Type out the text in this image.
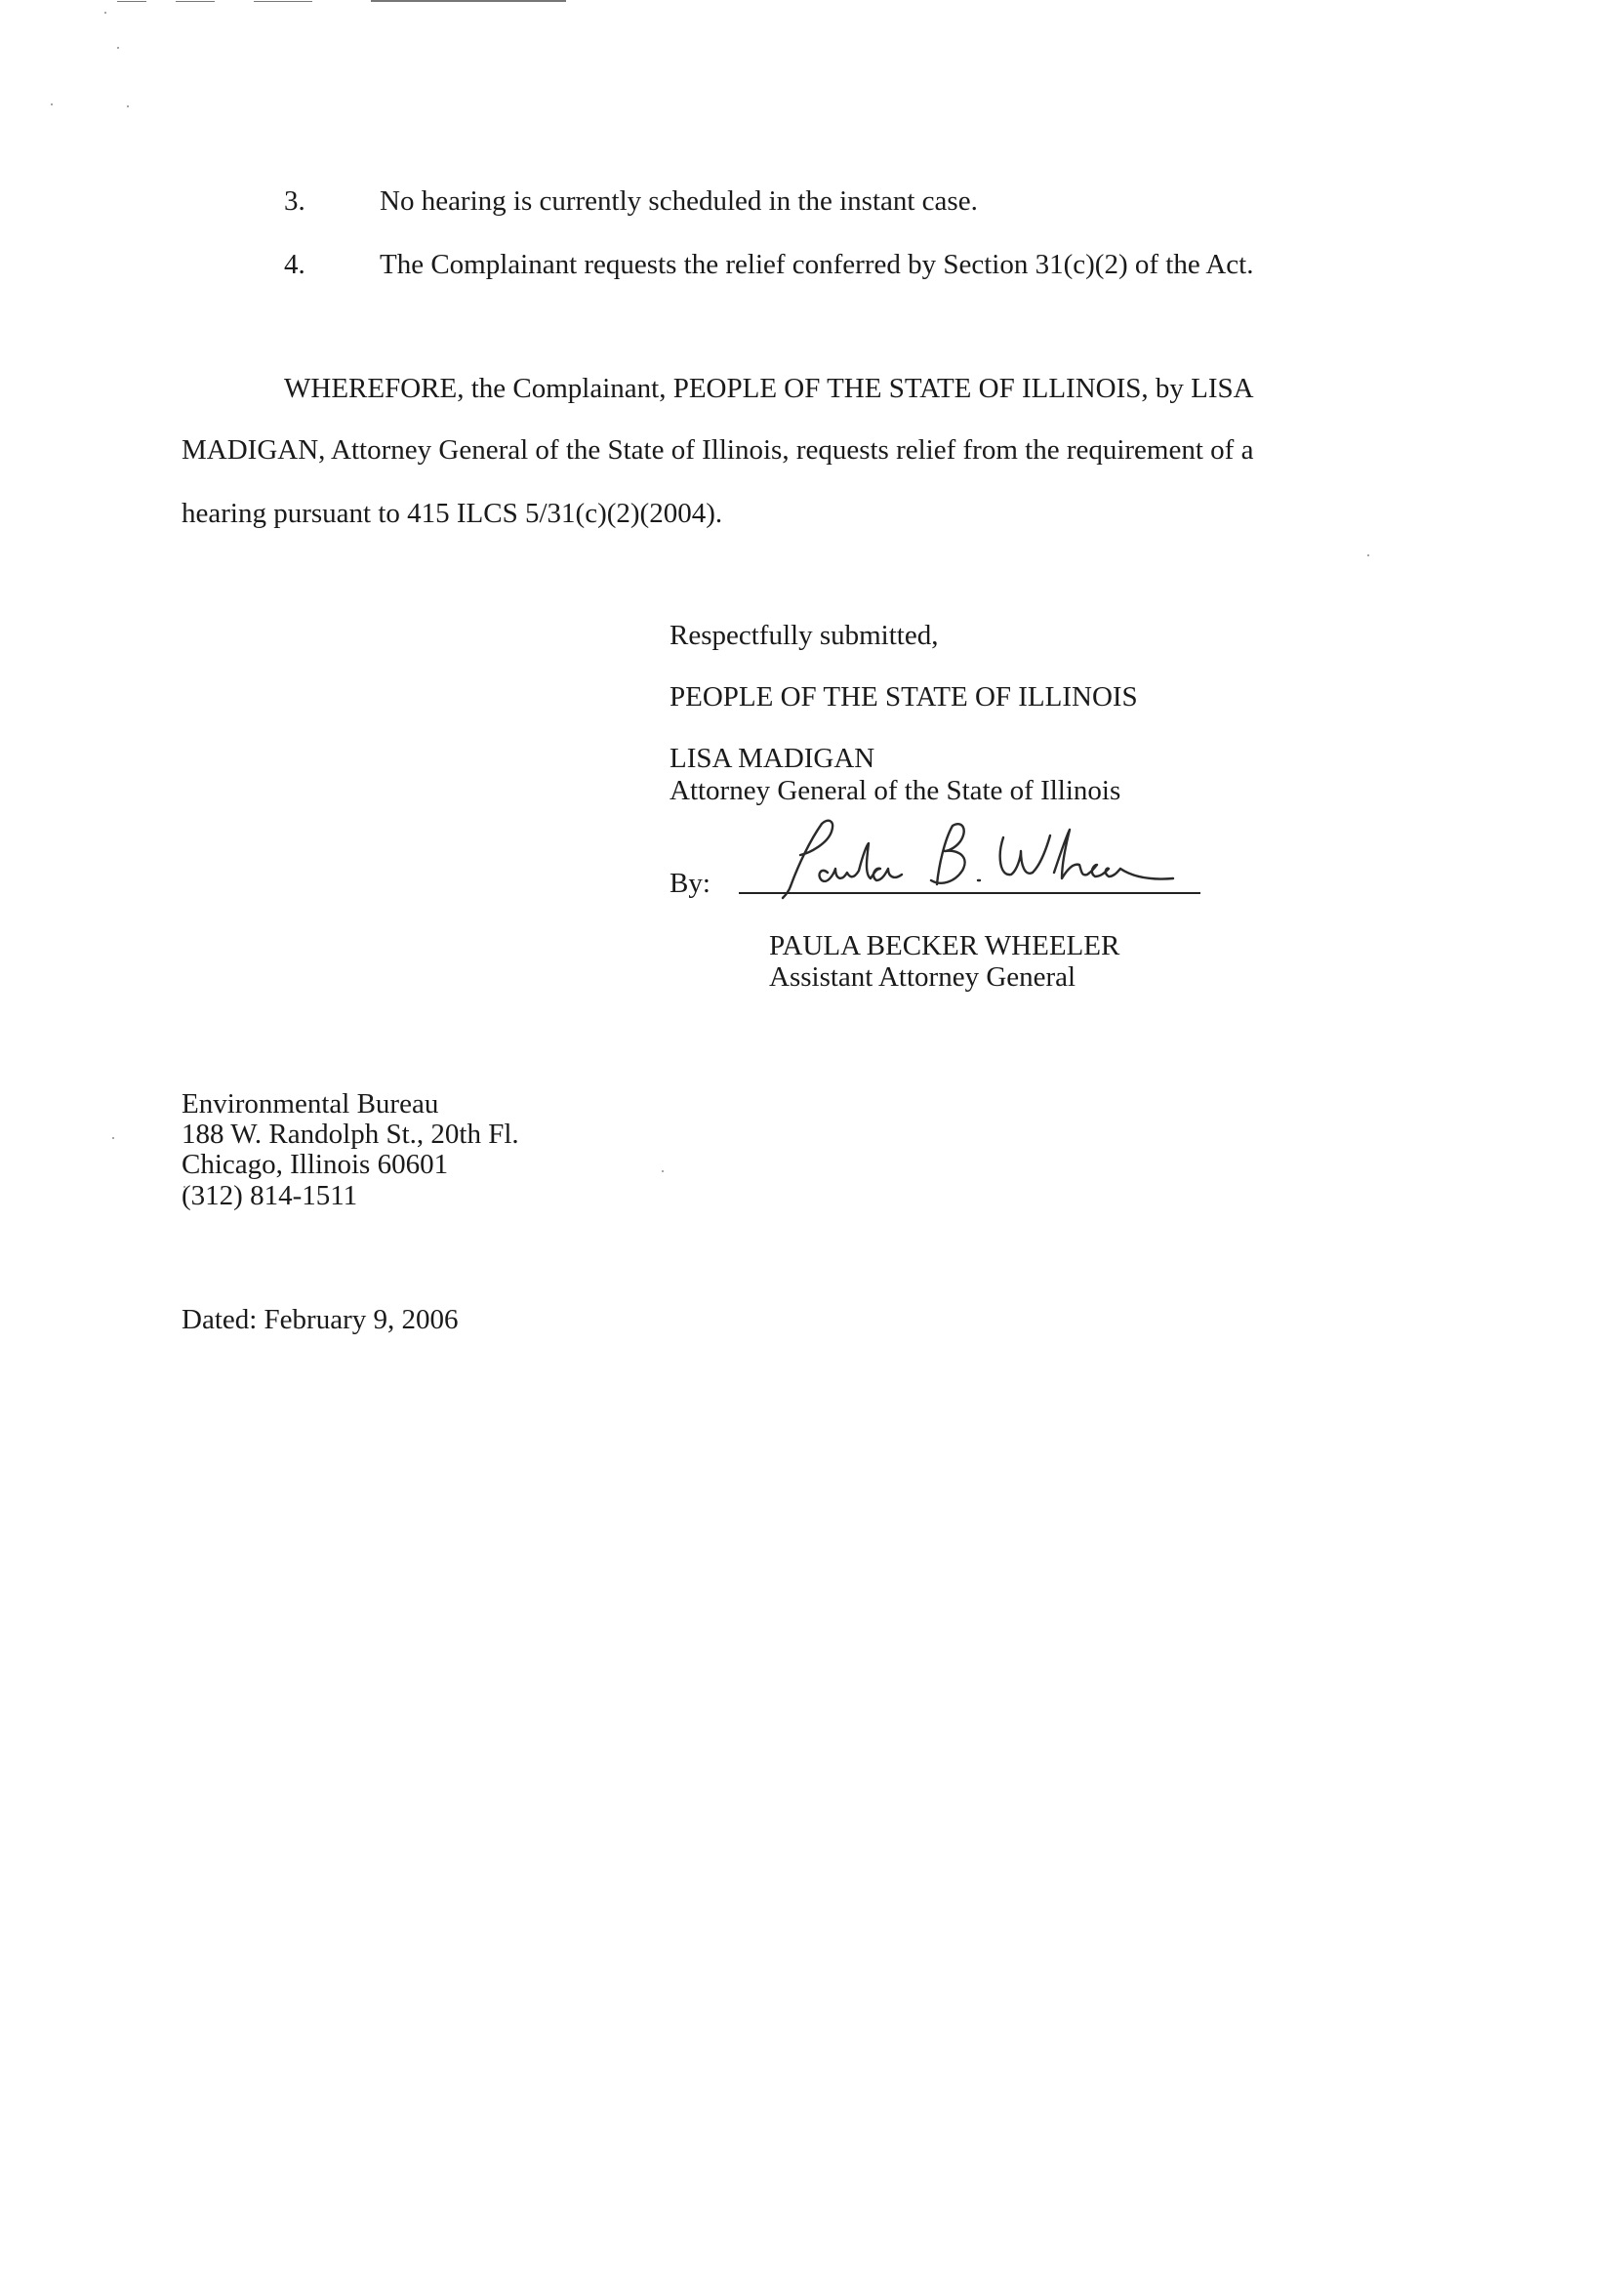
3.	No hearing is currently scheduled in the instant case.
4.	The Complainant requests the relief conferred by Section 31(c)(2) of the Act.
WHEREFORE, the Complainant, PEOPLE OF THE STATE OF ILLINOIS, by LISA
MADIGAN, Attorney General of the State of Illinois, requests relief from the requirement of a
hearing pursuant to 415 ILCS 5/31(c)(2)(2004).
Respectfully submitted,
PEOPLE OF THE STATE OF ILLINOIS
LISA MADIGAN
Attorney General of the State of Illinois
By:
PAULA BECKER WHEELER
Assistant Attorney General
Environmental Bureau
188 W. Randolph St., 20th Fl.
Chicago, Illinois 60601
(312) 814-1511
Dated: February 9, 2006
